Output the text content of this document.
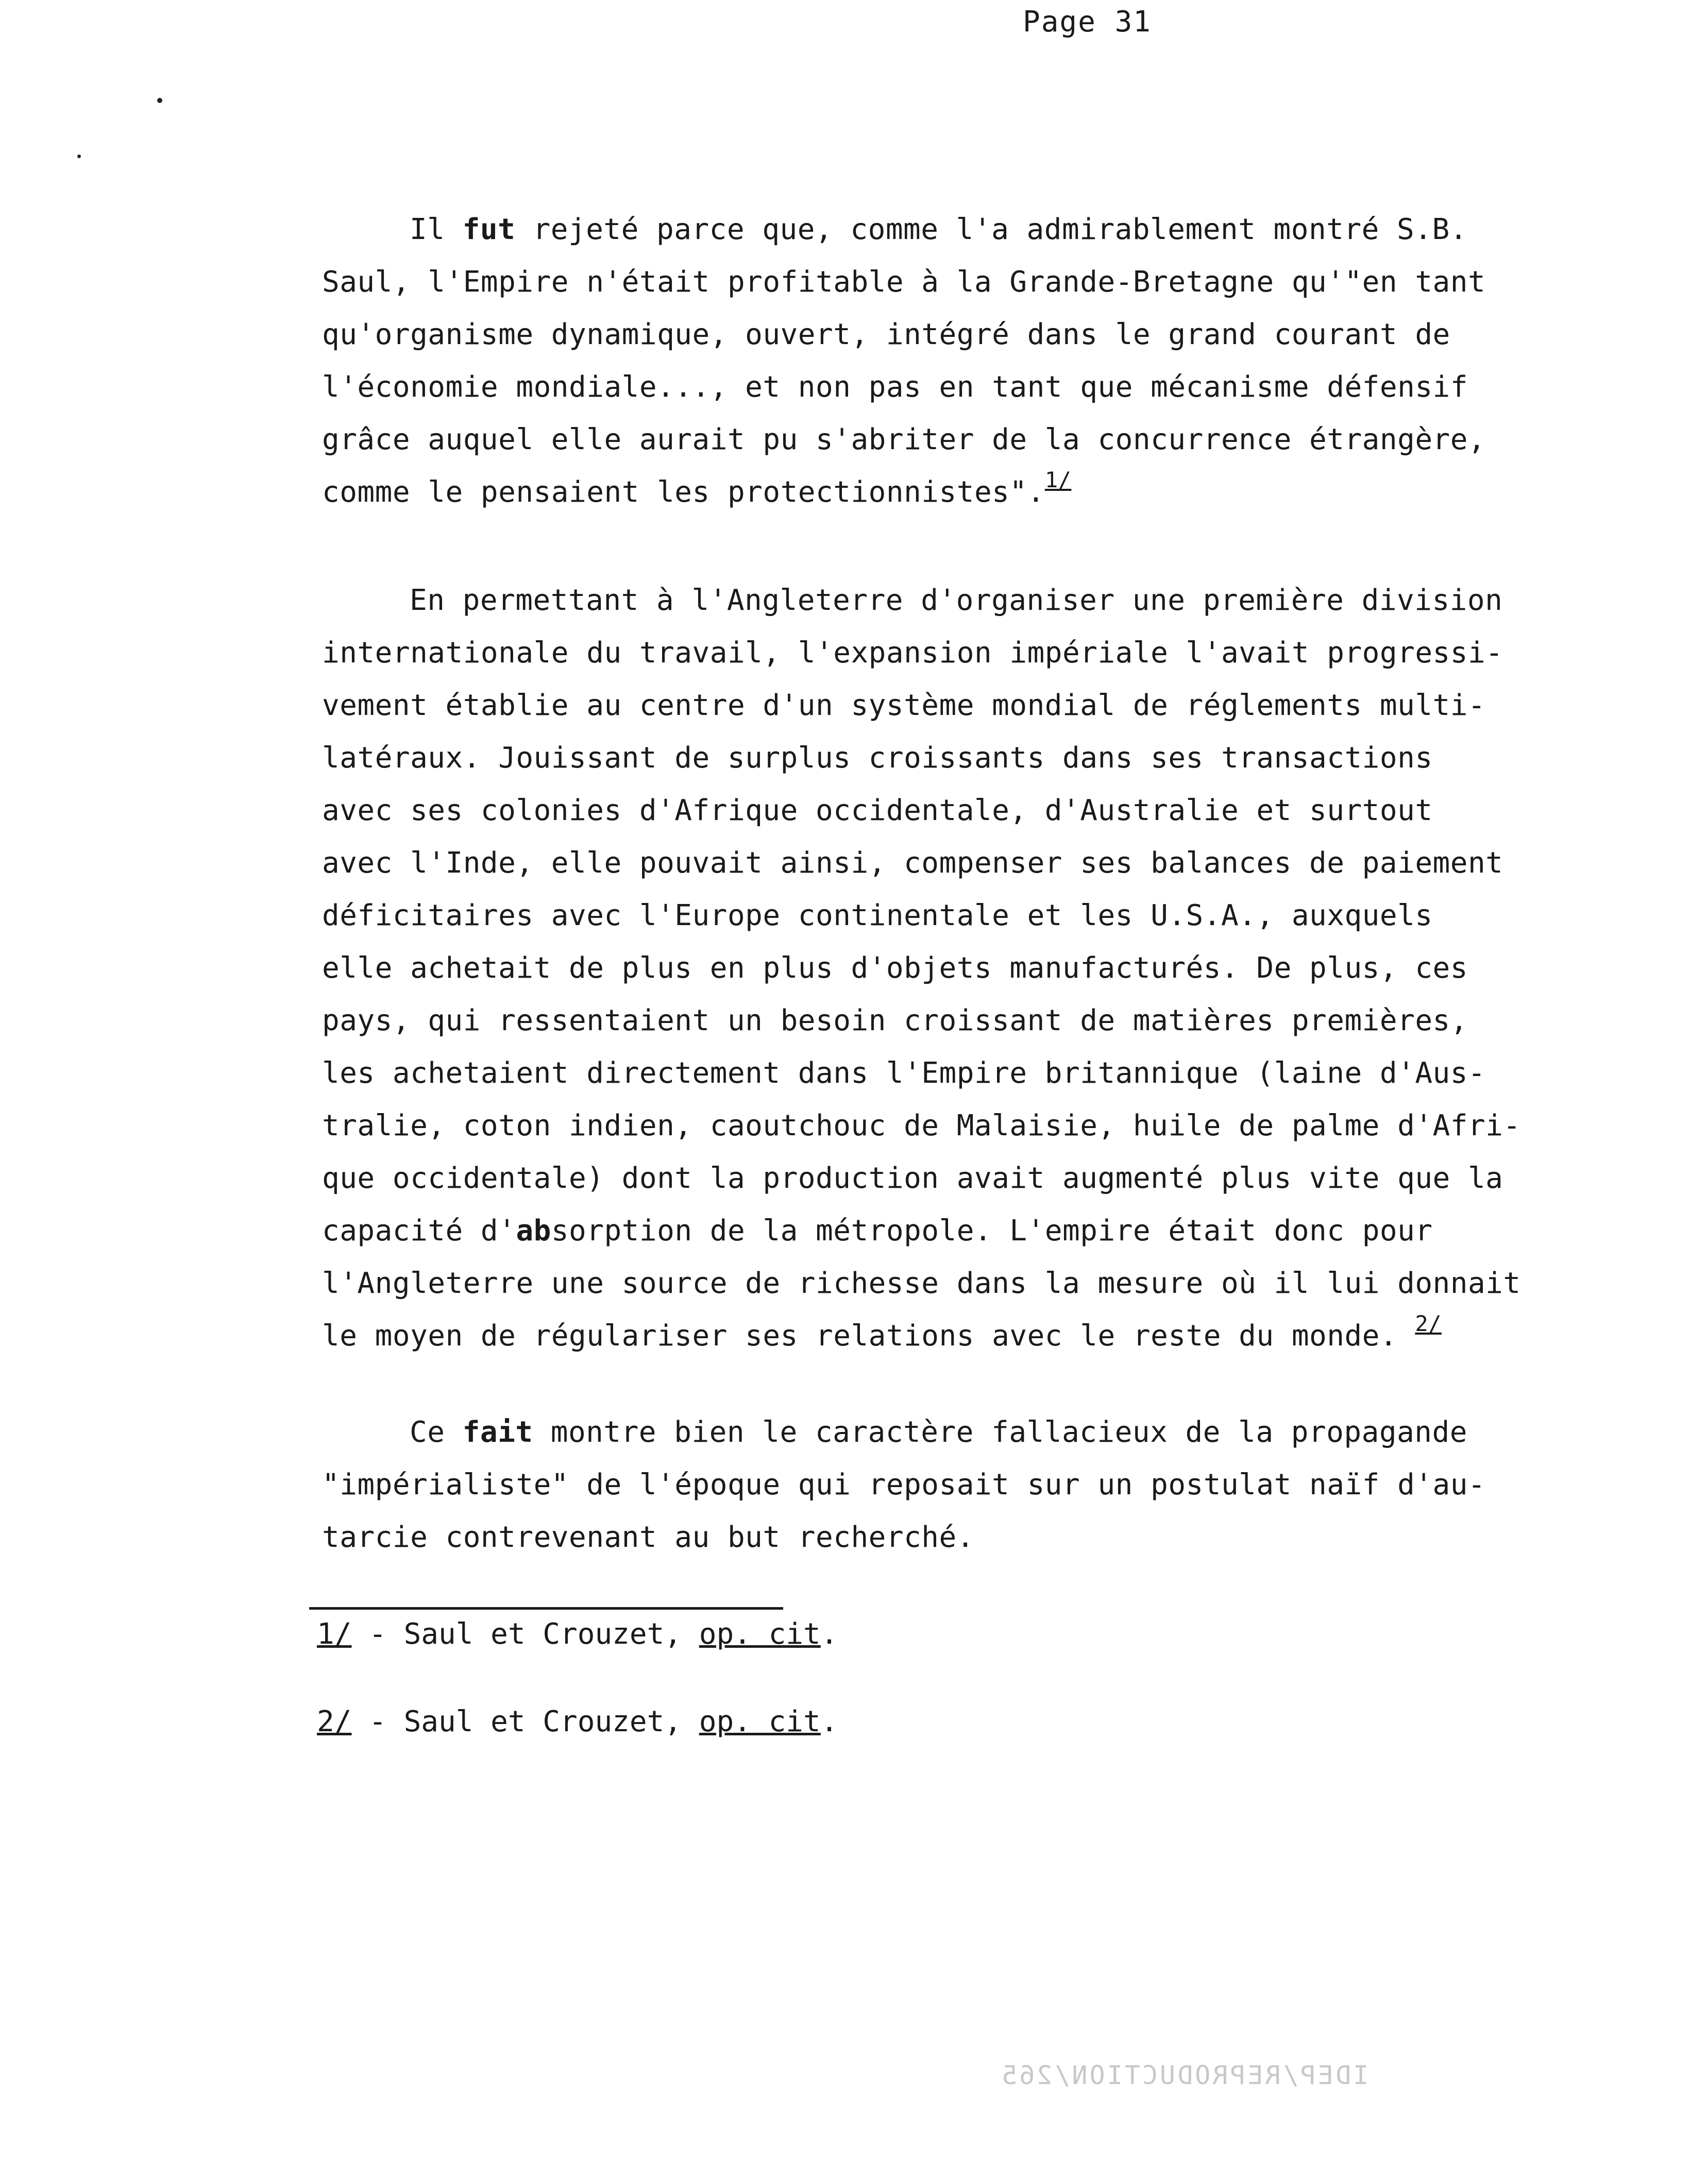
Page 31
Il fut rejeté parce que, comme l'a admirablement montré S.B.
Saul, l'Empire n'était profitable à la Grande-Bretagne qu'"en tant
qu'organisme dynamique, ouvert, intégré dans le grand courant de
l'économie mondiale..., et non pas en tant que mécanisme défensif
grâce auquel elle aurait pu s'abriter de la concurrence étrangère,
comme le pensaient les protectionnistes".$^{1/}$
En permettant à l'Angleterre d'organiser une première division
internationale du travail, l'expansion impériale l'avait progressi-
vement établie au centre d'un système mondial de réglements multi-
latéraux. Jouissant de surplus croissants dans ses transactions
avec ses colonies d'Afrique occidentale, d'Australie et surtout
avec l'Inde, elle pouvait ainsi, compenser ses balances de paiement
déficitaires avec l'Europe continentale et les U.S.A., auxquels
elle achetait de plus en plus d'objets manufacturés. De plus, ces
pays, qui ressentaient un besoin croissant de matières premières,
les achetaient directement dans l'Empire britannique (laine d'Aus-
tralie, coton indien, caoutchouc de Malaisie, huile de palme d'Afri-
que occidentale) dont la production avait augmenté plus vite que la
capacité d'absorption de la métropole. L'empire était donc pour
l'Angleterre une source de richesse dans la mesure où il lui donnait
le moyen de régulariser ses relations avec le reste du monde. $^{2/}$
Ce fait montre bien le caractère fallacieux de la propagande
"impérialiste" de l'époque qui reposait sur un postulat naïf d'au-
tarcie contrevenant au but recherché.
1/ - Saul et Crouzet, op. cit.
2/ - Saul et Crouzet, op. cit.
IDEP/REPRODUCTION/265
